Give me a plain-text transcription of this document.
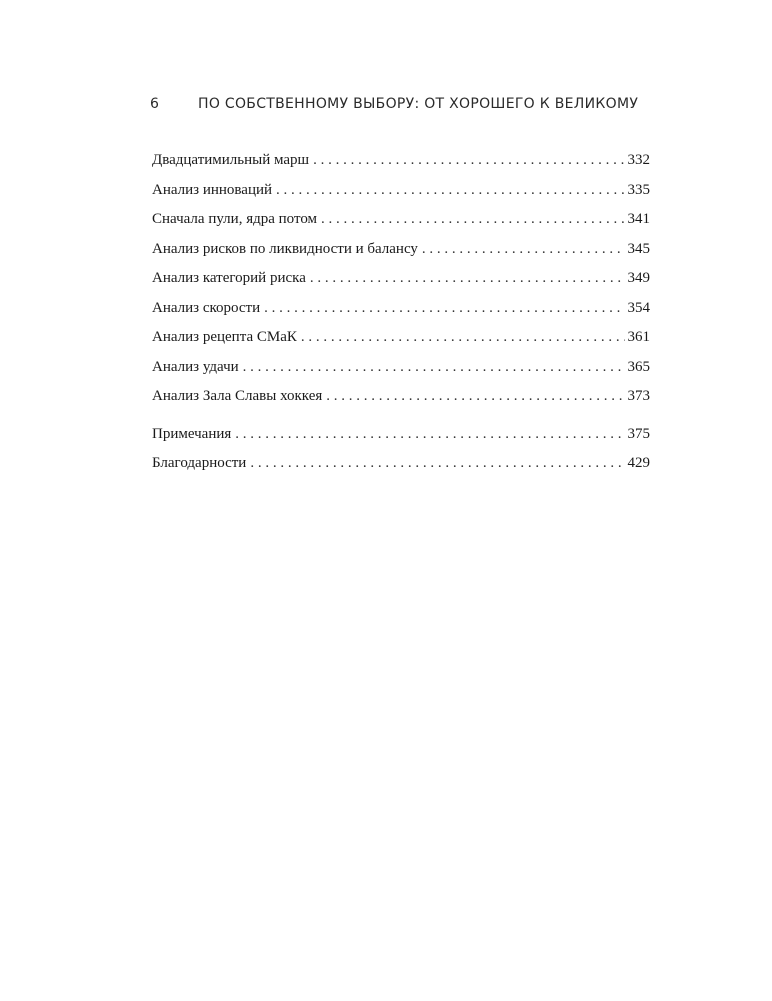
6	ПО СОБСТВЕННОМУ ВЫБОРУ: ОТ ХОРОШЕГО К ВЕЛИКОМУ
Двадцатимильный марш . . .	332
Анализ инноваций . . .	335
Сначала пули, ядра потом . . .	341
Анализ рисков по ликвидности и балансу . . .	345
Анализ категорий риска . . .	349
Анализ скорости . . .	354
Анализ рецепта СМаК . . .	361
Анализ удачи . . .	365
Анализ Зала Славы хоккея . . .	373
Примечания . . .	375
Благодарности . . .	429
